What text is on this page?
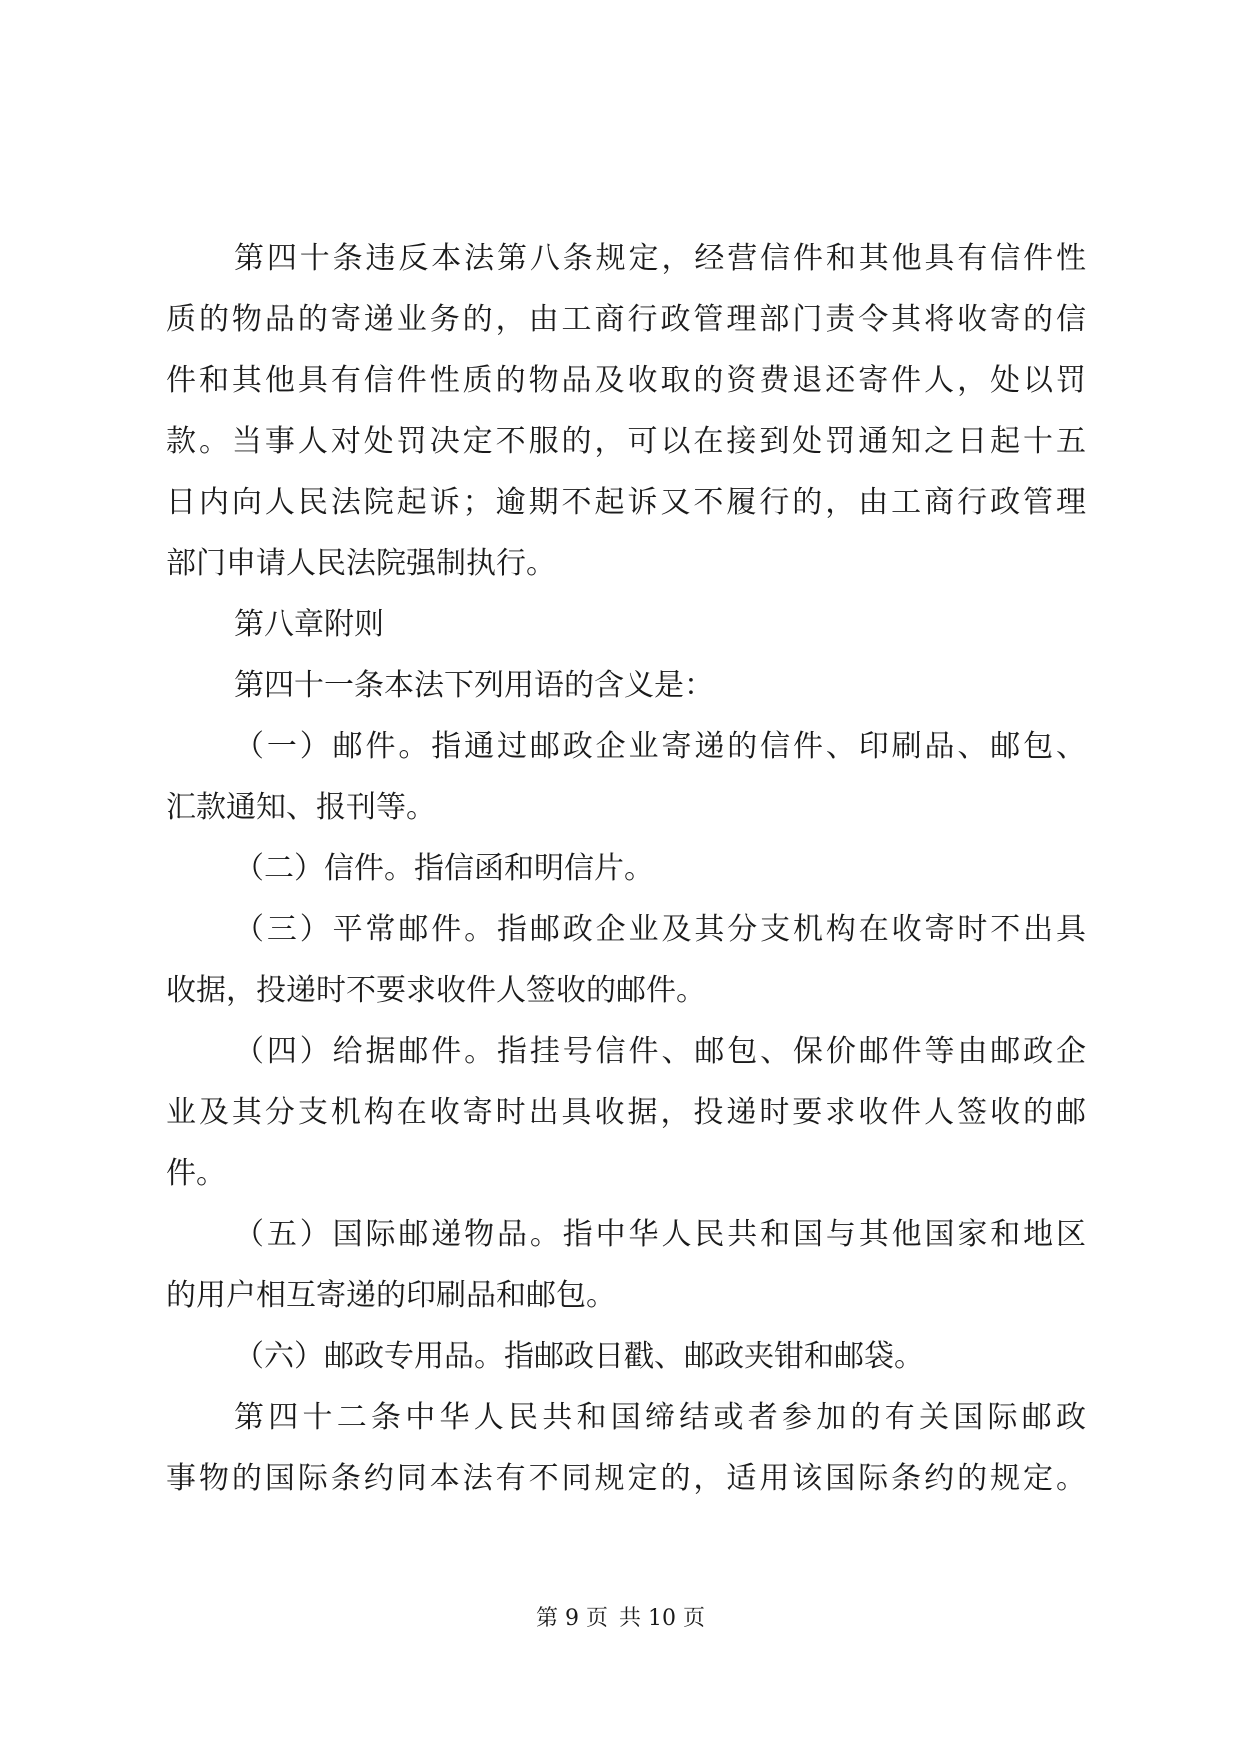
第四十条违反本法第八条规定，经营信件和其他具有信件性
质的物品的寄递业务的，由工商行政管理部门责令其将收寄的信
件和其他具有信件性质的物品及收取的资费退还寄件人，处以罚
款。当事人对处罚决定不服的，可以在接到处罚通知之日起十五
日内向人民法院起诉；逾期不起诉又不履行的，由工商行政管理
部门申请人民法院强制执行。
第八章附则
第四十一条本法下列用语的含义是：
（一）邮件。指通过邮政企业寄递的信件、印刷品、邮包、
汇款通知、报刊等。
（二）信件。指信函和明信片。
（三）平常邮件。指邮政企业及其分支机构在收寄时不出具
收据，投递时不要求收件人签收的邮件。
（四）给据邮件。指挂号信件、邮包、保价邮件等由邮政企
业及其分支机构在收寄时出具收据，投递时要求收件人签收的邮
件。
（五）国际邮递物品。指中华人民共和国与其他国家和地区
的用户相互寄递的印刷品和邮包。
（六）邮政专用品。指邮政日戳、邮政夹钳和邮袋。
第四十二条中华人民共和国缔结或者参加的有关国际邮政
事物的国际条约同本法有不同规定的，适用该国际条约的规定。
第 9 页 共 10 页
